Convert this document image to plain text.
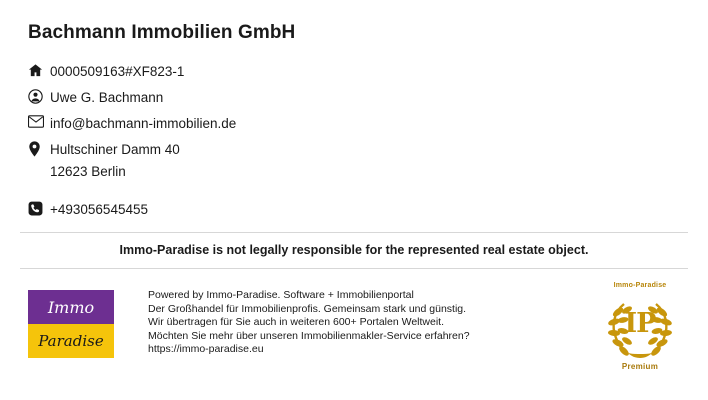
Bachmann Immobilien GmbH
0000509163#XF823-1
Uwe G. Bachmann
info@bachmann-immobilien.de
Hultschiner Damm 40
12623 Berlin
+493056545455
Immo-Paradise is not legally responsible for the represented real estate object.
Immo
Paradise
Powered by Immo-Paradise. Software + Immobilienportal
Der Großhandel für Immobilienprofis. Gemeinsam stark und günstig.
Wir übertragen für Sie auch in weiteren 600+ Portalen Weltweit.
Möchten Sie mehr über unseren Immobilienmakler-Service erfahren?
https://immo-paradise.eu
Immo-Paradise
IP
Premium
